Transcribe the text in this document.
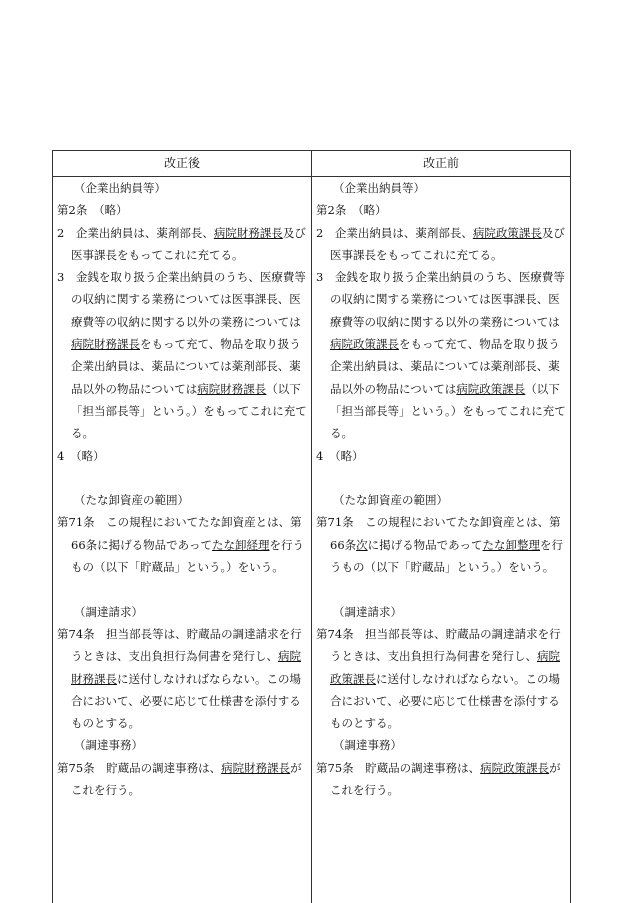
改正後	改正前

（企業出納員等）

第2条　（略）

2　企業出納員は、薬剤部長、病院財務課長及び医事課長をもってこれに充てる。

3　金銭を取り扱う企業出納員のうち、医療費等の収納に関する業務については医事課長、医療費等の収納に関する以外の業務については病院財務課長をもって充て、物品を取り扱う企業出納員は、薬品については薬剤部長、薬品以外の物品については病院財務課長（以下「担当部長等」という。）をもってこれに充てる。

4　（略）

（たな卸資産の範囲）

第71条　この規程においてたな卸資産とは、第66条に掲げる物品であってたな卸経理を行うもの（以下「貯蔵品」という。）をいう。

（調達請求）

第74条　担当部長等は、貯蔵品の調達請求を行うときは、支出負担行為伺書を発行し、病院財務課長に送付しなければならない。この場合において、必要に応じて仕様書を添付するものとする。

（調達事務）

第75条　貯蔵品の調達事務は、病院財務課長がこれを行う。

（企業出納員等）

第2条　（略）

2　企業出納員は、薬剤部長、病院政策課長及び医事課長をもってこれに充てる。

3　金銭を取り扱う企業出納員のうち、医療費等の収納に関する業務については医事課長、医療費等の収納に関する以外の業務については病院政策課長をもって充て、物品を取り扱う企業出納員は、薬品については薬剤部長、薬品以外の物品については病院政策課長（以下「担当部長等」という。）をもってこれに充てる。

4　（略）

（たな卸資産の範囲）

第71条　この規程においてたな卸資産とは、第66条次に掲げる物品であってたな卸整理を行うもの（以下「貯蔵品」という。）をいう。

（調達請求）

第74条　担当部長等は、貯蔵品の調達請求を行うときは、支出負担行為伺書を発行し、病院政策課長に送付しなければならない。この場合において、必要に応じて仕様書を添付するものとする。

（調達事務）

第75条　貯蔵品の調達事務は、病院政策課長がこれを行う。
